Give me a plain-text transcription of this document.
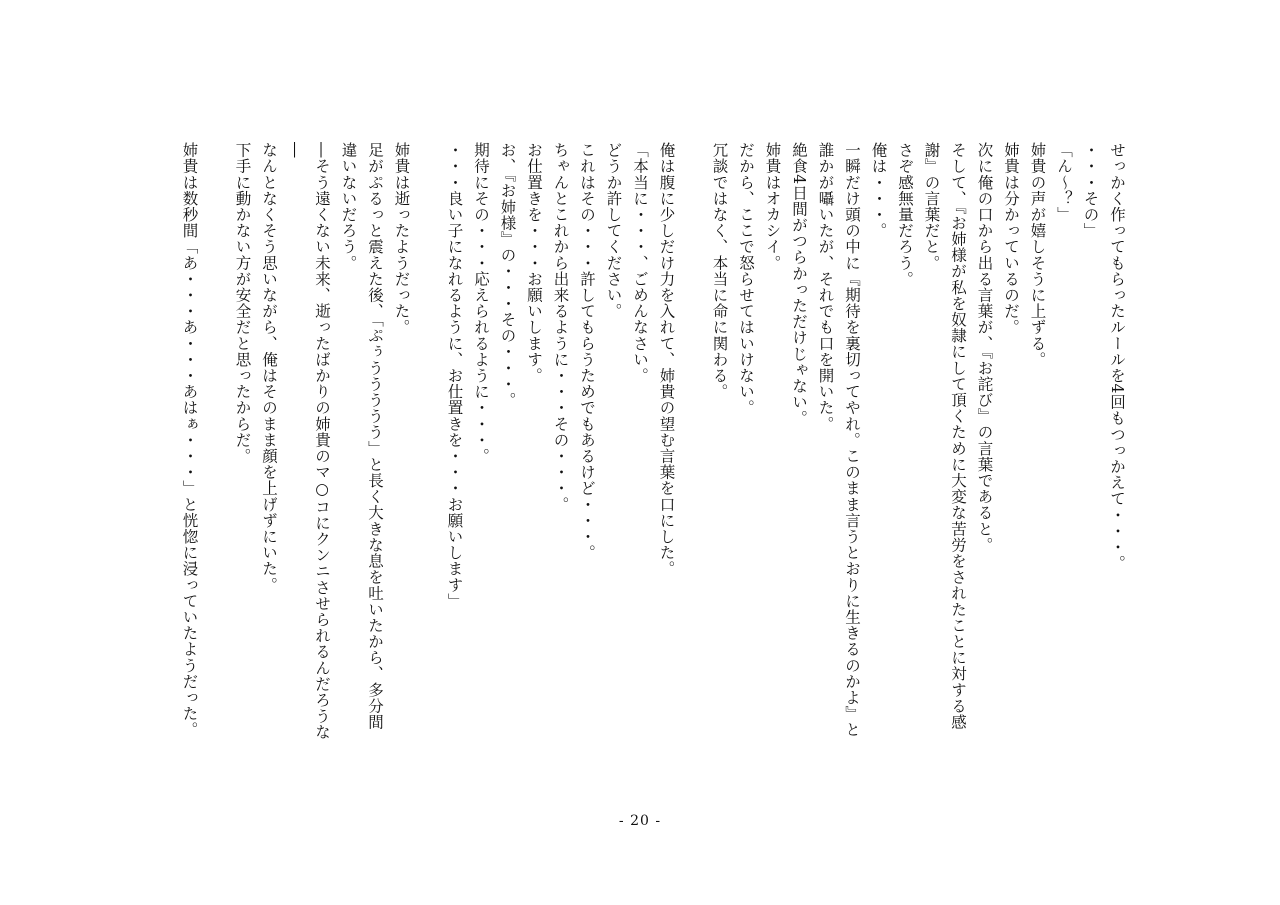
せっかく作ってもらったルールを4回もつっかえて・・・。
・・・その」
「ん～？」
姉貴の声が嬉しそうに上ずる。
姉貴は分かっているのだ。
次に俺の口から出る言葉が、『お詫び』の言葉であると。
そして、『お姉様が私を奴隷にして頂くために大変な苦労をされたことに対する感謝』の言葉だと。
さぞ感無量だろう。
俺は・・・。
一瞬だけ頭の中に『期待を裏切ってやれ。このまま言うとおりに生きるのかよ』と誰かが囁いたが、それでも口を開いた。
絶食4日間がつらかっただけじゃない。
姉貴はオカシイ。
だから、ここで怒らせてはいけない。
冗談ではなく、本当に命に関わる。
俺は腹に少しだけ力を入れて、姉貴の望む言葉を口にした。
「本当に・・・、ごめんなさい。
どうか許してください。
これはその・・・許してもらうためでもあるけど・・・。
ちゃんとこれから出来るように・・・その・・・。
お仕置きを・・・お願いします。
お、『お姉様』の・・・その・・・。
期待にその・・・応えられるように・・・。
・・・良い子になれるように、お仕置きを・・・お願いします」
姉貴は逝ったようだった。
足がぷるっと震えた後、「ぷぅううううう」と長く大きな息を吐いたから、多分間違いないだろう。
―そう遠くない未来、逝ったばかりの姉貴のマ○コにクンニさせられるんだろうな―
なんとなくそう思いながら、俺はそのまま顔を上げずにいた。
下手に動かない方が安全だと思ったからだ。
姉貴は数秒間「あ・・・あ・・・あはぁ・・・」と恍惚に浸っていたようだった。
- 20 -
